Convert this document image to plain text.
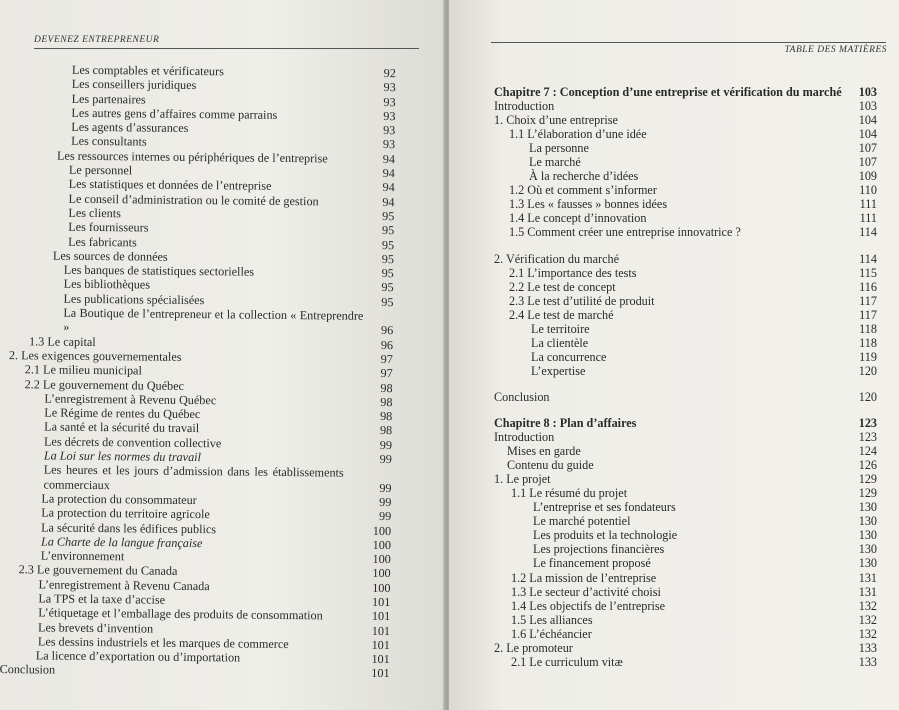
DEVENEZ ENTREPRENEUR
Les comptables et vérificateurs	92
Les conseillers juridiques	93
Les partenaires	93
Les autres gens d’affaires comme parrains	93
Les agents d’assurances	93
Les consultants	93
Les ressources internes ou périphériques de l’entreprise	94
Le personnel	94
Les statistiques et données de l’entreprise	94
Le conseil d’administration ou le comité de gestion	94
Les clients	95
Les fournisseurs	95
Les fabricants	95
Les sources de données	95
Les banques de statistiques sectorielles	95
Les bibliothèques	95
Les publications spécialisées	95
La Boutique de l’entrepreneur et la collection « Entreprendre »	96
1.3 Le capital	96
2. Les exigences gouvernementales	97
2.1 Le milieu municipal	97
2.2 Le gouvernement du Québec	98
L’enregistrement à Revenu Québec	98
Le Régime de rentes du Québec	98
La santé et la sécurité du travail	98
Les décrets de convention collective	99
La Loi sur les normes du travail	99
Les heures et les jours d’admission dans les établissements commerciaux	99
La protection du consommateur	99
La protection du territoire agricole	99
La sécurité dans les édifices publics	100
La Charte de la langue française	100
L’environnement	100
2.3 Le gouvernement du Canada	100
L’enregistrement à Revenu Canada	100
La TPS et la taxe d’accise	101
L’étiquetage et l’emballage des produits de consommation	101
Les brevets d’invention	101
Les dessins industriels et les marques de commerce	101
La licence d’exportation ou d’importation	101
Conclusion	101
TABLE DES MATIÈRES
Chapitre 7 : Conception d’une entreprise et vérification du marché	103
Introduction	103
1. Choix d’une entreprise	104
1.1 L’élaboration d’une idée	104
La personne	107
Le marché	107
À la recherche d’idées	109
1.2 Où et comment s’informer	110
1.3 Les « fausses » bonnes idées	111
1.4 Le concept d’innovation	111
1.5 Comment créer une entreprise innovatrice ?	114
2. Vérification du marché	114
2.1 L’importance des tests	115
2.2 Le test de concept	116
2.3 Le test d’utilité de produit	117
2.4 Le test de marché	117
Le territoire	118
La clientèle	118
La concurrence	119
L’expertise	120
Conclusion	120
Chapitre 8 : Plan d’affaires	123
Introduction	123
Mises en garde	124
Contenu du guide	126
1. Le projet	129
1.1 Le résumé du projet	129
L’entreprise et ses fondateurs	130
Le marché potentiel	130
Les produits et la technologie	130
Les projections financières	130
Le financement proposé	130
1.2 La mission de l’entreprise	131
1.3 Le secteur d’activité choisi	131
1.4 Les objectifs de l’entreprise	132
1.5 Les alliances	132
1.6 L’échéancier	132
2. Le promoteur	133
2.1 Le curriculum vitæ	133
